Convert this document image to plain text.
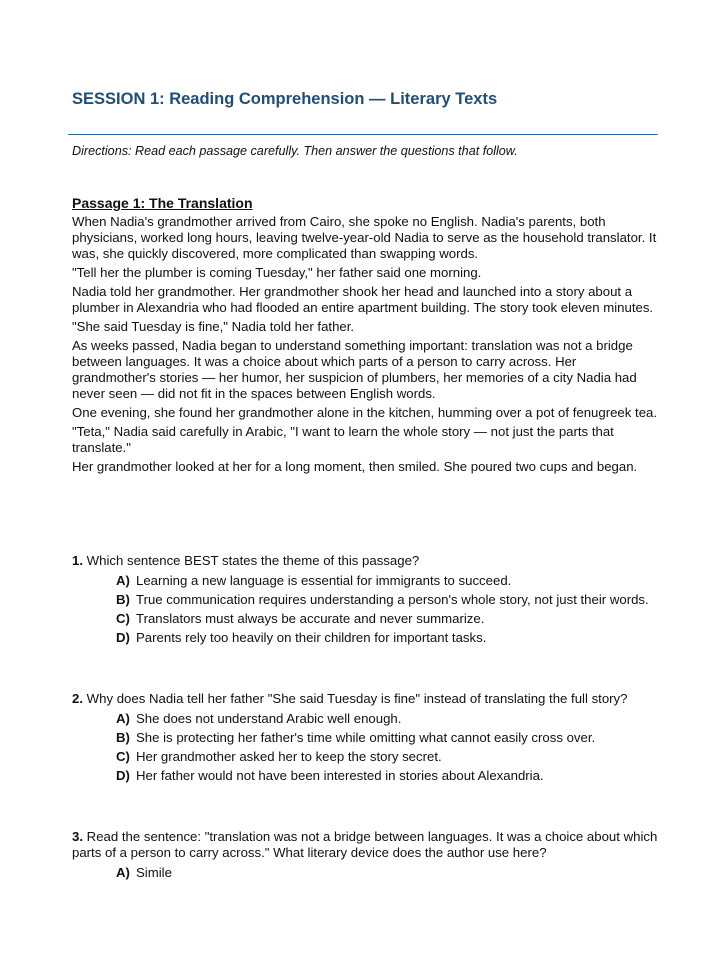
SESSION 1: Reading Comprehension — Literary Texts

Directions: Read each passage carefully. Then answer the questions that follow.

Passage 1: The Translation

When Nadia's grandmother arrived from Cairo, she spoke no English. Nadia's parents, both physicians, worked long hours, leaving twelve-year-old Nadia to serve as the household translator. It was, she quickly discovered, more complicated than swapping words.

"Tell her the plumber is coming Tuesday," her father said one morning.

Nadia told her grandmother. Her grandmother shook her head and launched into a story about a plumber in Alexandria who had flooded an entire apartment building. The story took eleven minutes.

"She said Tuesday is fine," Nadia told her father.

As weeks passed, Nadia began to understand something important: translation was not a bridge between languages. It was a choice about which parts of a person to carry across. Her grandmother's stories — her humor, her suspicion of plumbers, her memories of a city Nadia had never seen — did not fit in the spaces between English words.

One evening, she found her grandmother alone in the kitchen, humming over a pot of fenugreek tea.

"Teta," Nadia said carefully in Arabic, "I want to learn the whole story — not just the parts that translate."

Her grandmother looked at her for a long moment, then smiled. She poured two cups and began.

1. Which sentence BEST states the theme of this passage?

A) Learning a new language is essential for immigrants to succeed.
B) True communication requires understanding a person's whole story, not just their words.
C) Translators must always be accurate and never summarize.
D) Parents rely too heavily on their children for important tasks.

2. Why does Nadia tell her father "She said Tuesday is fine" instead of translating the full story?

A) She does not understand Arabic well enough.
B) She is protecting her father's time while omitting what cannot easily cross over.
C) Her grandmother asked her to keep the story secret.
D) Her father would not have been interested in stories about Alexandria.

3. Read the sentence: "translation was not a bridge between languages. It was a choice about which parts of a person to carry across." What literary device does the author use here?

A) Simile
